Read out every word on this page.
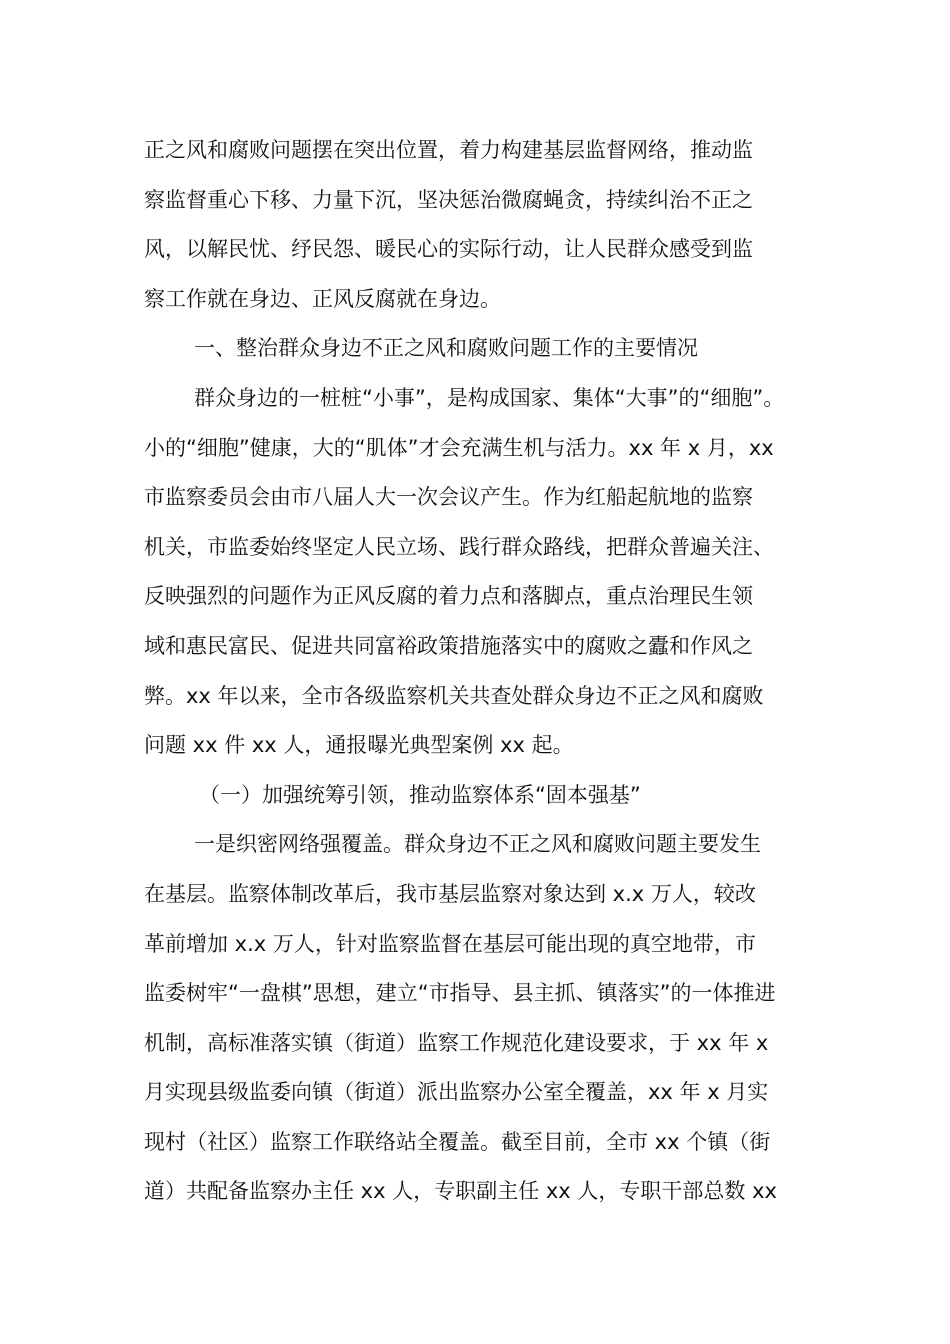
正之风和腐败问题摆在突出位置，着力构建基层监督网络，推动监
察监督重心下移、力量下沉，坚决惩治微腐蝇贪，持续纠治不正之
风，以解民忧、纾民怨、暖民心的实际行动，让人民群众感受到监
察工作就在身边、正风反腐就在身边。
一、整治群众身边不正之风和腐败问题工作的主要情况
群众身边的一桩桩“小事”，是构成国家、集体“大事”的“细胞”。
小的“细胞”健康，大的“肌体”才会充满生机与活力。xx 年 x 月，xx
市监察委员会由市八届人大一次会议产生。作为红船起航地的监察
机关，市监委始终坚定人民立场、践行群众路线，把群众普遍关注、
反映强烈的问题作为正风反腐的着力点和落脚点，重点治理民生领
域和惠民富民、促进共同富裕政策措施落实中的腐败之蠹和作风之
弊。xx 年以来，全市各级监察机关共查处群众身边不正之风和腐败
问题 xx 件 xx 人，通报曝光典型案例 xx 起。
（一）加强统筹引领，推动监察体系“固本强基”
一是织密网络强覆盖。群众身边不正之风和腐败问题主要发生
在基层。监察体制改革后，我市基层监察对象达到 x.x 万人，较改
革前增加 x.x 万人，针对监察监督在基层可能出现的真空地带，市
监委树牢“一盘棋”思想，建立“市指导、县主抓、镇落实”的一体推进
机制，高标准落实镇（街道）监察工作规范化建设要求，于 xx 年 x
月实现县级监委向镇（街道）派出监察办公室全覆盖，xx 年 x 月实
现村（社区）监察工作联络站全覆盖。截至目前，全市 xx 个镇（街
道）共配备监察办主任 xx 人，专职副主任 xx 人，专职干部总数 xx
